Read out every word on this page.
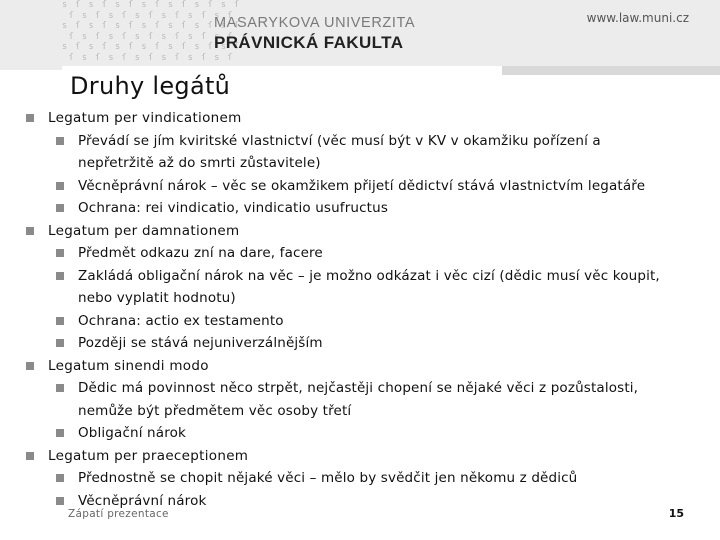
s ſ s ſ s ſ s ſ s ſ
ſ s ſ s ſ s ſ s ſ s
s ſ s ſ s ſ s ſ s ſ
ſ s ſ s ſ s ſ s ſ s
s ſ s ſ s ſ s ſ s ſ
ſ s ſ s ſ s ſ s ſ s
MASARYKOVA UNIVERZITA
PRÁVNICKÁ FAKULTA
www.law.muni.cz
Druhy legátů
Legatum per vindicationem
Převádí se jím kviritské vlastnictví (věc musí být v KV v okamžiku pořízení a
nepřetržitě až do smrti zůstavitele)
Věcněprávní nárok – věc se okamžikem přijetí dědictví stává vlastnictvím legatáře
Ochrana: rei vindicatio, vindicatio usufructus
Legatum per damnationem
Předmět odkazu zní na dare, facere
Zakládá obligační nárok na věc – je možno odkázat i věc cizí (dědic musí věc koupit,
nebo vyplatit hodnotu)
Ochrana: actio ex testamento
Později se stává nejuniverzálnějším
Legatum sinendi modo
Dědic má povinnost něco strpět, nejčastěji chopení se nějaké věci z pozůstalosti,
nemůže být předmětem věc osoby třetí
Obligační nárok
Legatum per praeceptionem
Přednostně se chopit nějaké věci – mělo by svědčit jen někomu z dědiců
Věcněprávní nárok
Zápatí prezentace	15
